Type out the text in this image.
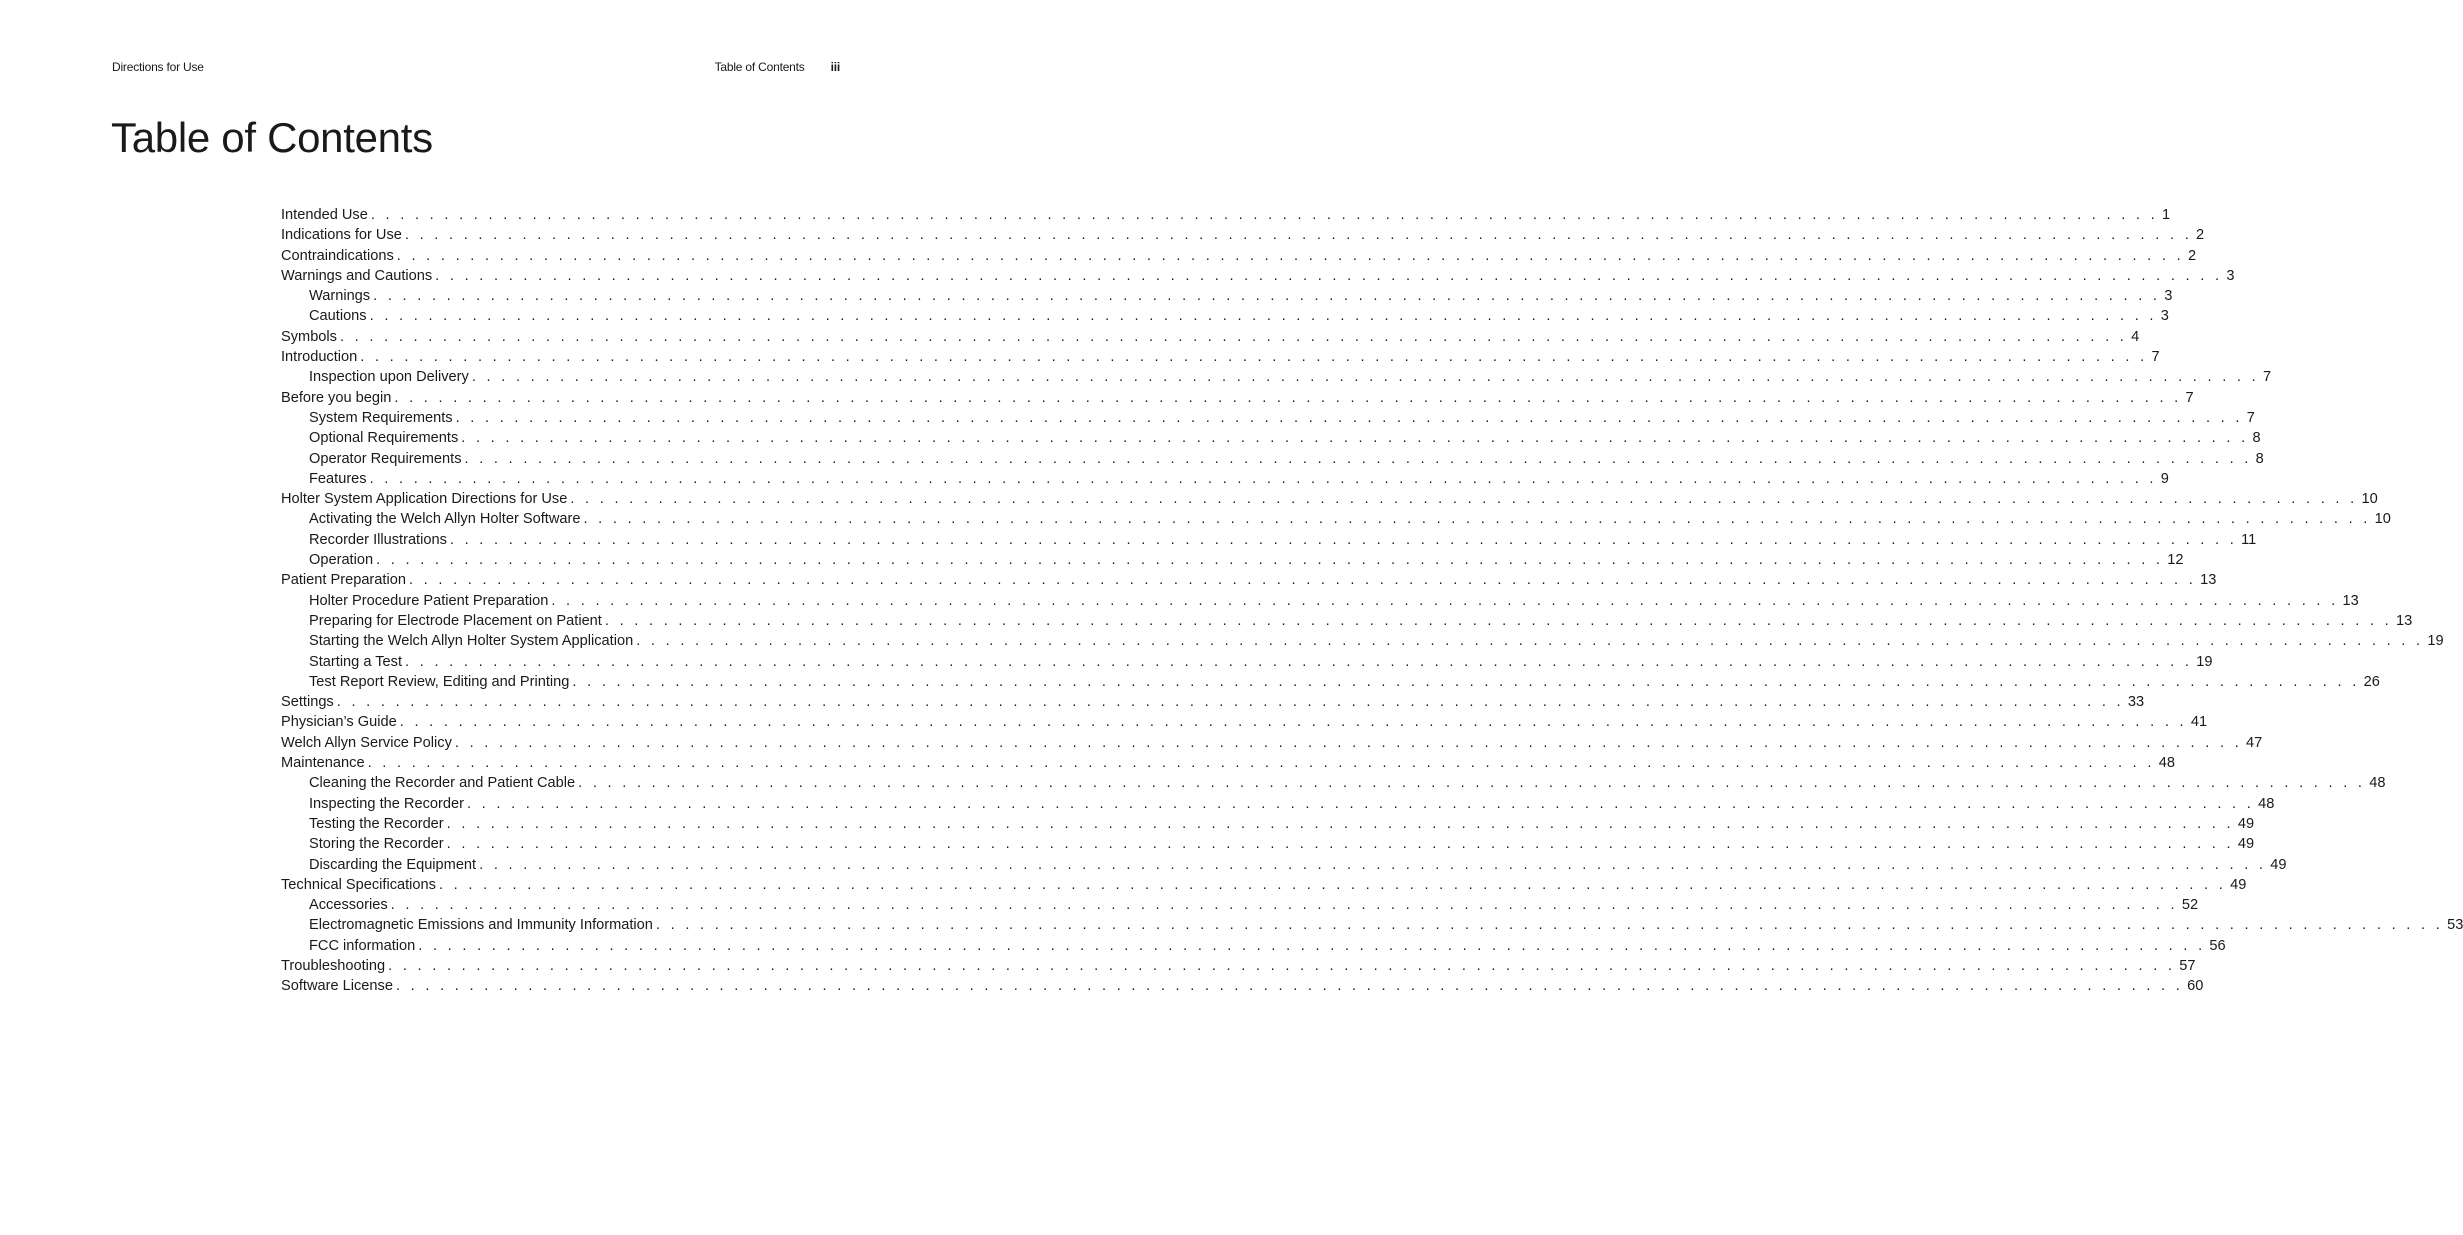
Directions for Use	Table of Contents iii
Table of Contents
Intended Use . . . . . . . . . . . . . . . . . . . . . . . . . . . . . . . . . . . . . . . . . . . . . . . . . . . . . . . . . . . . . . . . . . . . . . . . . . . . . . . . . . . . . . . . . . . . . . . . . . . . . . . . . . . . . . . . . . . . . . . . . . 1
Indications for Use . . . . . . . . . . . . . . . . . . . . . . . . . . . . . . . . . . . . . . . . . . . . . . . . . . . . . . . . . . . . . . . . . . . . . . . . . . . . . . . . . . . . . . . . . . . . . . . . . . . . . . . . . . . . . . . . . . . . . . . . . . 2
Contraindications . . . . . . . . . . . . . . . . . . . . . . . . . . . . . . . . . . . . . . . . . . . . . . . . . . . . . . . . . . . . . . . . . . . . . . . . . . . . . . . . . . . . . . . . . . . . . . . . . . . . . . . . . . . . . . . . . . . . . . . . . . 2
Warnings and Cautions . . . . . . . . . . . . . . . . . . . . . . . . . . . . . . . . . . . . . . . . . . . . . . . . . . . . . . . . . . . . . . . . . . . . . . . . . . . . . . . . . . . . . . . . . . . . . . . . . . . . . . . . . . . . . . . . . . . . . . . . . . 3
Warnings . . . . . . . . . . . . . . . . . . . . . . . . . . . . . . . . . . . . . . . . . . . . . . . . . . . . . . . . . . . . . . . . . . . . . . . . . . . . . . . . . . . . . . . . . . . . . . . . . . . . . . . . . . . . . . . . . . . . . . . . . . 3
Cautions . . . . . . . . . . . . . . . . . . . . . . . . . . . . . . . . . . . . . . . . . . . . . . . . . . . . . . . . . . . . . . . . . . . . . . . . . . . . . . . . . . . . . . . . . . . . . . . . . . . . . . . . . . . . . . . . . . . . . . . . . . 3
Symbols . . . . . . . . . . . . . . . . . . . . . . . . . . . . . . . . . . . . . . . . . . . . . . . . . . . . . . . . . . . . . . . . . . . . . . . . . . . . . . . . . . . . . . . . . . . . . . . . . . . . . . . . . . . . . . . . . . . . . . . . . . 4
Introduction . . . . . . . . . . . . . . . . . . . . . . . . . . . . . . . . . . . . . . . . . . . . . . . . . . . . . . . . . . . . . . . . . . . . . . . . . . . . . . . . . . . . . . . . . . . . . . . . . . . . . . . . . . . . . . . . . . . . . . . . . . 7
Inspection upon Delivery . . . . . . . . . . . . . . . . . . . . . . . . . . . . . . . . . . . . . . . . . . . . . . . . . . . . . . . . . . . . . . . . . . . . . . . . . . . . . . . . . . . . . . . . . . . . . . . . . . . . . . . . . . . . . . . . . . . . . . . . . . 7
Before you begin . . . . . . . . . . . . . . . . . . . . . . . . . . . . . . . . . . . . . . . . . . . . . . . . . . . . . . . . . . . . . . . . . . . . . . . . . . . . . . . . . . . . . . . . . . . . . . . . . . . . . . . . . . . . . . . . . . . . . . . . . . 7
System Requirements . . . . . . . . . . . . . . . . . . . . . . . . . . . . . . . . . . . . . . . . . . . . . . . . . . . . . . . . . . . . . . . . . . . . . . . . . . . . . . . . . . . . . . . . . . . . . . . . . . . . . . . . . . . . . . . . . . . . . . . . . . 7
Optional Requirements . . . . . . . . . . . . . . . . . . . . . . . . . . . . . . . . . . . . . . . . . . . . . . . . . . . . . . . . . . . . . . . . . . . . . . . . . . . . . . . . . . . . . . . . . . . . . . . . . . . . . . . . . . . . . . . . . . . . . . . . . . 8
Operator Requirements . . . . . . . . . . . . . . . . . . . . . . . . . . . . . . . . . . . . . . . . . . . . . . . . . . . . . . . . . . . . . . . . . . . . . . . . . . . . . . . . . . . . . . . . . . . . . . . . . . . . . . . . . . . . . . . . . . . . . . . . . . 8
Features . . . . . . . . . . . . . . . . . . . . . . . . . . . . . . . . . . . . . . . . . . . . . . . . . . . . . . . . . . . . . . . . . . . . . . . . . . . . . . . . . . . . . . . . . . . . . . . . . . . . . . . . . . . . . . . . . . . . . . . . . . 9
Holter System Application Directions for Use . . . . . . . . . . . . . . . . . . . . . . . . . . . . . . . . . . . . . . . . . . . . . . . . . . . . . . . . . . . . . . . . . . . . . . . . . . . . . . . . . . . . . . . . . . . . . . . . . . . . . . . . . . . . . . . . . . . . . . . . . . 10
Activating the Welch Allyn Holter Software . . . . . . . . . . . . . . . . . . . . . . . . . . . . . . . . . . . . . . . . . . . . . . . . . . . . . . . . . . . . . . . . . . . . . . . . . . . . . . . . . . . . . . . . . . . . . . . . . . . . . . . . . . . . . . . . . . . . . . . . . . 10
Recorder Illustrations . . . . . . . . . . . . . . . . . . . . . . . . . . . . . . . . . . . . . . . . . . . . . . . . . . . . . . . . . . . . . . . . . . . . . . . . . . . . . . . . . . . . . . . . . . . . . . . . . . . . . . . . . . . . . . . . . . . . . . . . . . 11
Operation . . . . . . . . . . . . . . . . . . . . . . . . . . . . . . . . . . . . . . . . . . . . . . . . . . . . . . . . . . . . . . . . . . . . . . . . . . . . . . . . . . . . . . . . . . . . . . . . . . . . . . . . . . . . . . . . . . . . . . . . . . 12
Patient Preparation . . . . . . . . . . . . . . . . . . . . . . . . . . . . . . . . . . . . . . . . . . . . . . . . . . . . . . . . . . . . . . . . . . . . . . . . . . . . . . . . . . . . . . . . . . . . . . . . . . . . . . . . . . . . . . . . . . . . . . . . . . 13
Holter Procedure Patient Preparation . . . . . . . . . . . . . . . . . . . . . . . . . . . . . . . . . . . . . . . . . . . . . . . . . . . . . . . . . . . . . . . . . . . . . . . . . . . . . . . . . . . . . . . . . . . . . . . . . . . . . . . . . . . . . . . . . . . . . . . . . . 13
Preparing for Electrode Placement on Patient . . . . . . . . . . . . . . . . . . . . . . . . . . . . . . . . . . . . . . . . . . . . . . . . . . . . . . . . . . . . . . . . . . . . . . . . . . . . . . . . . . . . . . . . . . . . . . . . . . . . . . . . . . . . . . . . . . . . . . . . . . 13
Starting the Welch Allyn Holter System Application . . . . . . . . . . . . . . . . . . . . . . . . . . . . . . . . . . . . . . . . . . . . . . . . . . . . . . . . . . . . . . . . . . . . . . . . . . . . . . . . . . . . . . . . . . . . . . . . . . . . . . . . . . . . . . . . . . . . . . . . . . 19
Starting a Test . . . . . . . . . . . . . . . . . . . . . . . . . . . . . . . . . . . . . . . . . . . . . . . . . . . . . . . . . . . . . . . . . . . . . . . . . . . . . . . . . . . . . . . . . . . . . . . . . . . . . . . . . . . . . . . . . . . . . . . . . . 19
Test Report Review, Editing and Printing . . . . . . . . . . . . . . . . . . . . . . . . . . . . . . . . . . . . . . . . . . . . . . . . . . . . . . . . . . . . . . . . . . . . . . . . . . . . . . . . . . . . . . . . . . . . . . . . . . . . . . . . . . . . . . . . . . . . . . . . . . 26
Settings . . . . . . . . . . . . . . . . . . . . . . . . . . . . . . . . . . . . . . . . . . . . . . . . . . . . . . . . . . . . . . . . . . . . . . . . . . . . . . . . . . . . . . . . . . . . . . . . . . . . . . . . . . . . . . . . . . . . . . . . . . 33
Physician’s Guide . . . . . . . . . . . . . . . . . . . . . . . . . . . . . . . . . . . . . . . . . . . . . . . . . . . . . . . . . . . . . . . . . . . . . . . . . . . . . . . . . . . . . . . . . . . . . . . . . . . . . . . . . . . . . . . . . . . . . . . . . . 41
Welch Allyn Service Policy . . . . . . . . . . . . . . . . . . . . . . . . . . . . . . . . . . . . . . . . . . . . . . . . . . . . . . . . . . . . . . . . . . . . . . . . . . . . . . . . . . . . . . . . . . . . . . . . . . . . . . . . . . . . . . . . . . . . . . . . . . 47
Maintenance . . . . . . . . . . . . . . . . . . . . . . . . . . . . . . . . . . . . . . . . . . . . . . . . . . . . . . . . . . . . . . . . . . . . . . . . . . . . . . . . . . . . . . . . . . . . . . . . . . . . . . . . . . . . . . . . . . . . . . . . . . 48
Cleaning the Recorder and Patient Cable . . . . . . . . . . . . . . . . . . . . . . . . . . . . . . . . . . . . . . . . . . . . . . . . . . . . . . . . . . . . . . . . . . . . . . . . . . . . . . . . . . . . . . . . . . . . . . . . . . . . . . . . . . . . . . . . . . . . . . . . . . 48
Inspecting the Recorder . . . . . . . . . . . . . . . . . . . . . . . . . . . . . . . . . . . . . . . . . . . . . . . . . . . . . . . . . . . . . . . . . . . . . . . . . . . . . . . . . . . . . . . . . . . . . . . . . . . . . . . . . . . . . . . . . . . . . . . . . . 48
Testing the Recorder . . . . . . . . . . . . . . . . . . . . . . . . . . . . . . . . . . . . . . . . . . . . . . . . . . . . . . . . . . . . . . . . . . . . . . . . . . . . . . . . . . . . . . . . . . . . . . . . . . . . . . . . . . . . . . . . . . . . . . . . . . 49
Storing the Recorder . . . . . . . . . . . . . . . . . . . . . . . . . . . . . . . . . . . . . . . . . . . . . . . . . . . . . . . . . . . . . . . . . . . . . . . . . . . . . . . . . . . . . . . . . . . . . . . . . . . . . . . . . . . . . . . . . . . . . . . . . . 49
Discarding the Equipment . . . . . . . . . . . . . . . . . . . . . . . . . . . . . . . . . . . . . . . . . . . . . . . . . . . . . . . . . . . . . . . . . . . . . . . . . . . . . . . . . . . . . . . . . . . . . . . . . . . . . . . . . . . . . . . . . . . . . . . . . . 49
Technical Specifications . . . . . . . . . . . . . . . . . . . . . . . . . . . . . . . . . . . . . . . . . . . . . . . . . . . . . . . . . . . . . . . . . . . . . . . . . . . . . . . . . . . . . . . . . . . . . . . . . . . . . . . . . . . . . . . . . . . . . . . . . . 49
Accessories . . . . . . . . . . . . . . . . . . . . . . . . . . . . . . . . . . . . . . . . . . . . . . . . . . . . . . . . . . . . . . . . . . . . . . . . . . . . . . . . . . . . . . . . . . . . . . . . . . . . . . . . . . . . . . . . . . . . . . . . . . 52
Electromagnetic Emissions and Immunity Information . . . . . . . . . . . . . . . . . . . . . . . . . . . . . . . . . . . . . . . . . . . . . . . . . . . . . . . . . . . . . . . . . . . . . . . . . . . . . . . . . . . . . . . . . . . . . . . . . . . . . . . . . . . . . . . . . . . . . . . . . . 53
FCC information . . . . . . . . . . . . . . . . . . . . . . . . . . . . . . . . . . . . . . . . . . . . . . . . . . . . . . . . . . . . . . . . . . . . . . . . . . . . . . . . . . . . . . . . . . . . . . . . . . . . . . . . . . . . . . . . . . . . . . . . . . 56
Troubleshooting . . . . . . . . . . . . . . . . . . . . . . . . . . . . . . . . . . . . . . . . . . . . . . . . . . . . . . . . . . . . . . . . . . . . . . . . . . . . . . . . . . . . . . . . . . . . . . . . . . . . . . . . . . . . . . . . . . . . . . . . . . 57
Software License . . . . . . . . . . . . . . . . . . . . . . . . . . . . . . . . . . . . . . . . . . . . . . . . . . . . . . . . . . . . . . . . . . . . . . . . . . . . . . . . . . . . . . . . . . . . . . . . . . . . . . . . . . . . . . . . . . . . . . . . . . 60
